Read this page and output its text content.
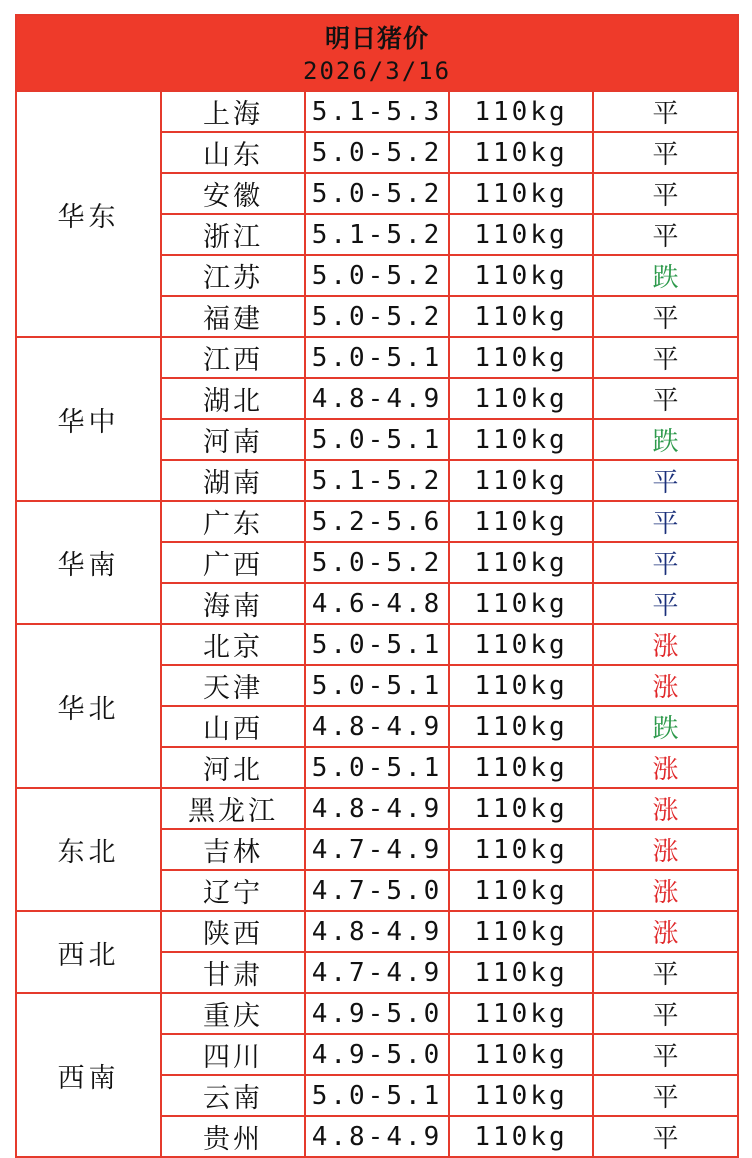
明日猪价
2026/3/16				

华东	上海	5.1-5.3	110kg	平
	山东	5.0-5.2	110kg	平
	安徽	5.0-5.2	110kg	平
	浙江	5.1-5.2	110kg	平
	江苏	5.0-5.2	110kg	跌
	福建	5.0-5.2	110kg	平
华中	江西	5.0-5.1	110kg	平
	湖北	4.8-4.9	110kg	平
	河南	5.0-5.1	110kg	跌
	湖南	5.1-5.2	110kg	平
华南	广东	5.2-5.6	110kg	平
	广西	5.0-5.2	110kg	平
	海南	4.6-4.8	110kg	平
华北	北京	5.0-5.1	110kg	涨
	天津	5.0-5.1	110kg	涨
	山西	4.8-4.9	110kg	跌
	河北	5.0-5.1	110kg	涨
东北	黑龙江	4.8-4.9	110kg	涨
	吉林	4.7-4.9	110kg	涨
	辽宁	4.7-5.0	110kg	涨
西北	陕西	4.8-4.9	110kg	涨
	甘肃	4.7-4.9	110kg	平
西南	重庆	4.9-5.0	110kg	平
	四川	4.9-5.0	110kg	平
	云南	5.0-5.1	110kg	平
	贵州	4.8-4.9	110kg	平
